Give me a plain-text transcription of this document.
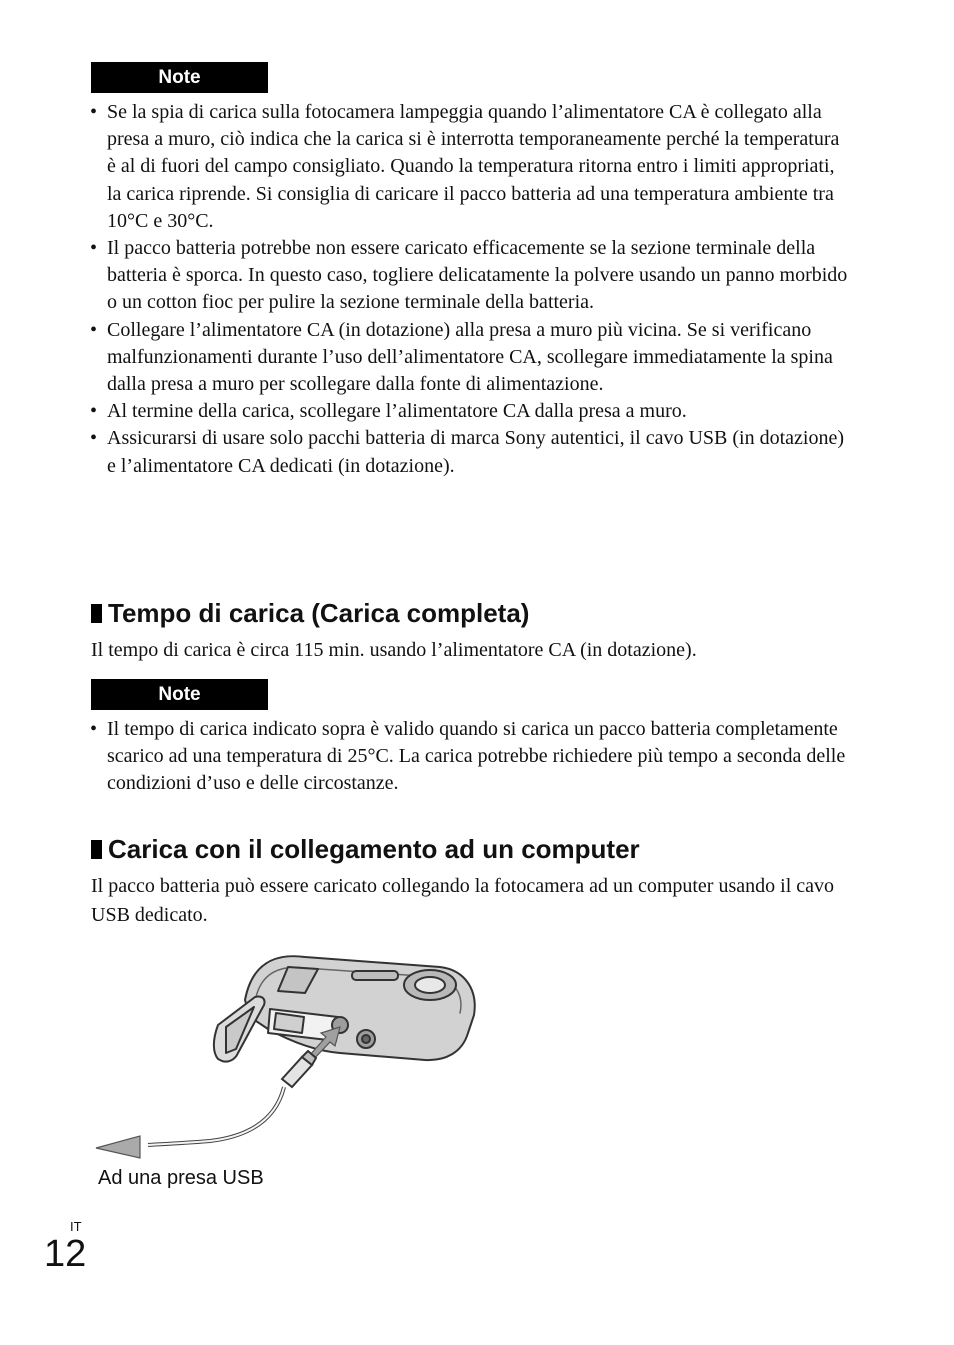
Note
• Se la spia di carica sulla fotocamera lampeggia quando l’alimentatore CA è collegato alla presa a muro, ciò indica che la carica si è interrotta temporaneamente perché la temperatura è al di fuori del campo consigliato. Quando la temperatura ritorna entro i limiti appropriati, la carica riprende. Si consiglia di caricare il pacco batteria ad una temperatura ambiente tra 10°C e 30°C.
• Il pacco batteria potrebbe non essere caricato efficacemente se la sezione terminale della batteria è sporca. In questo caso, togliere delicatamente la polvere usando un panno morbido o un cotton fioc per pulire la sezione terminale della batteria.
• Collegare l’alimentatore CA (in dotazione) alla presa a muro più vicina. Se si verificano malfunzionamenti durante l’uso dell’alimentatore CA, scollegare immediatamente la spina dalla presa a muro per scollegare dalla fonte di alimentazione.
• Al termine della carica, scollegare l’alimentatore CA dalla presa a muro.
• Assicurarsi di usare solo pacchi batteria di marca Sony autentici, il cavo USB (in dotazione) e l’alimentatore CA dedicati (in dotazione).
Tempo di carica (Carica completa)

Il tempo di carica è circa 115 min. usando l’alimentatore CA (in dotazione).

Note
• Il tempo di carica indicato sopra è valido quando si carica un pacco batteria completamente scarico ad una temperatura di 25°C. La carica potrebbe richiedere più tempo a seconda delle condizioni d’uso e delle circostanze.
Carica con il collegamento ad un computer

Il pacco batteria può essere caricato collegando la fotocamera ad un computer usando il cavo USB dedicato.

Ad una presa USB
IT
12
